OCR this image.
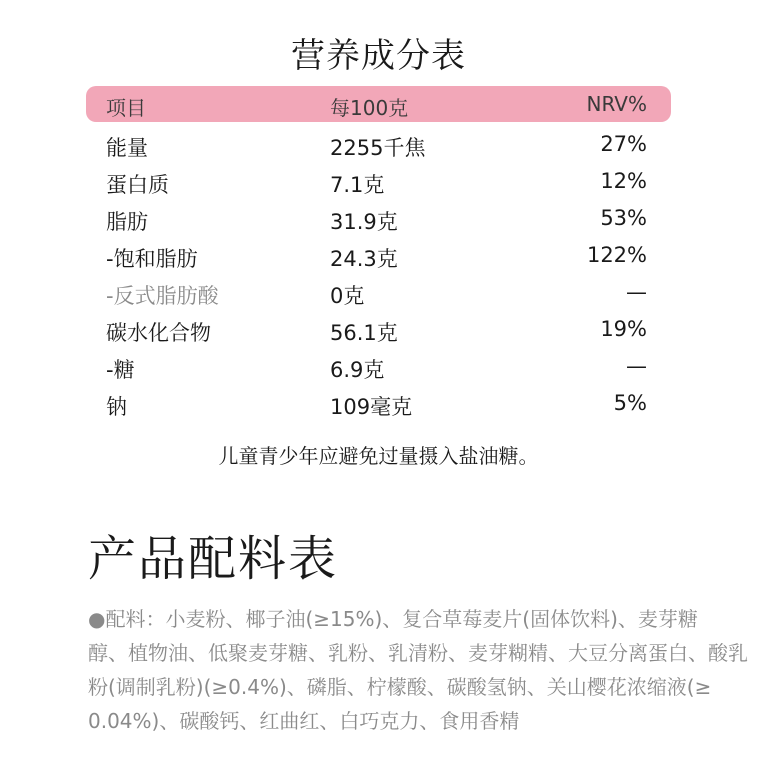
营养成分表
项目	每100克	NRV%
能量	2255千焦	27%
蛋白质	7.1克	12%
脂肪	31.9克	53%
-饱和脂肪	24.3克	122%
-反式脂肪酸	0克	—
碳水化合物	56.1克	19%
-糖	6.9克	—
钠	109毫克	5%
儿童青少年应避免过量摄入盐油糖。
产品配料表
●配料：小麦粉、椰子油(≥15%)、复合草莓麦片(固体饮料)、麦芽糖
醇、植物油、低聚麦芽糖、乳粉、乳清粉、麦芽糊精、大豆分离蛋白、酸乳
粉(调制乳粉)(≥0.4%)、磷脂、柠檬酸、碳酸氢钠、关山樱花浓缩液(≥
0.04%)、碳酸钙、红曲红、白巧克力、食用香精
